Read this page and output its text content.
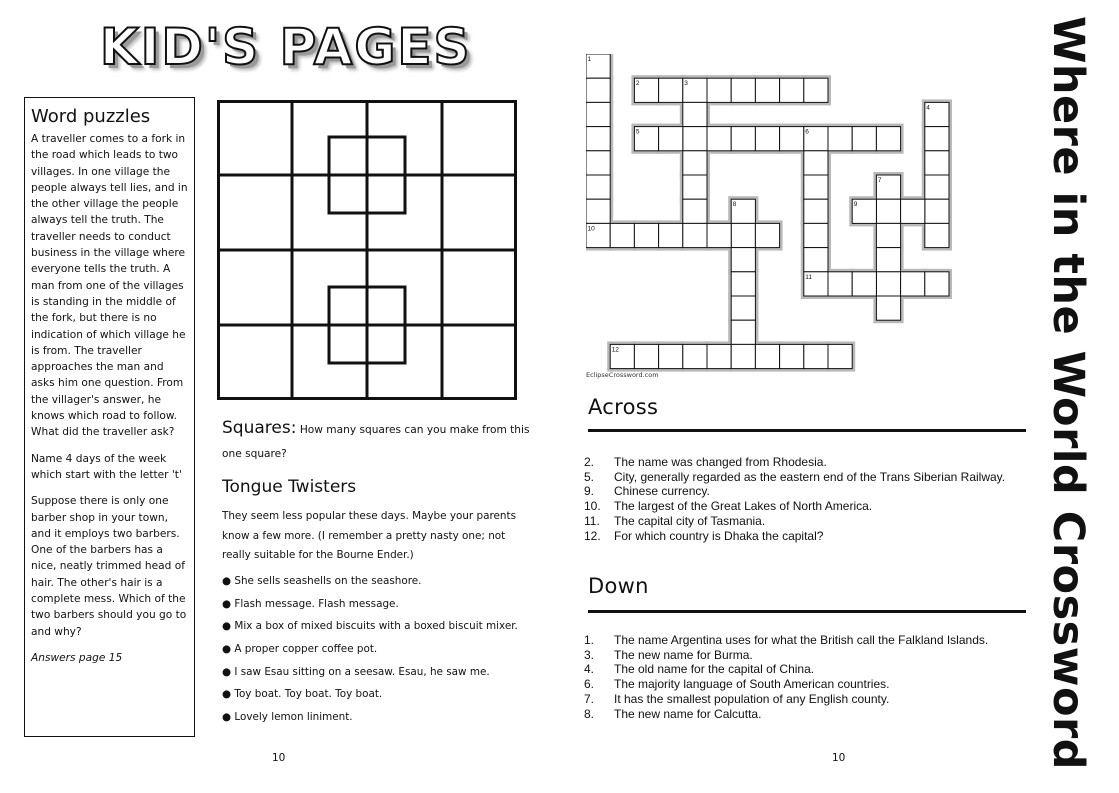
KID'S PAGES
Word puzzles

A traveller comes to a fork in the road which leads to two villages. In one village the people always tell lies, and in the other village the people always tell the truth. The traveller needs to conduct business in the village where everyone tells the truth. A man from one of the villages is standing in the middle of the fork, but there is no indication of which village he is from. The traveller approaches the man and asks him one question. From the villager's answer, he knows which road to follow. What did the traveller ask?

Name 4 days of the week which start with the letter 't'

Suppose there is only one barber shop in your town, and it employs two barbers. One of the barbers has a nice, neatly trimmed head of hair. The other's hair is a complete mess. Which of the two barbers should you go to and why?

Answers page 15

Squares: How many squares can you make from this one square?
Tongue Twisters
They seem less popular these days. Maybe your parents know a few more. (I remember a pretty nasty one; not really suitable for the Bourne Ender.)
● She sells seashells on the seashore.
● Flash message. Flash message.
● Mix a box of mixed biscuits with a boxed biscuit mixer.
● A proper copper coffee pot.
● I saw Esau sitting on a seesaw. Esau, he saw me.
● Toy boat. Toy boat. Toy boat.
● Lovely lemon liniment.
10	10
1
2	3
4
5	6
7
8	9
10
11
12
EclipseCrossword.com
Across
2.	The name was changed from Rhodesia.
5.	City, generally regarded as the eastern end of the Trans Siberian Railway.
9.	Chinese currency.
10.	The largest of the Great Lakes of North America.
11.	The capital city of Tasmania.
12.	For which country is Dhaka the capital?
Down
1.	The name Argentina uses for what the British call the Falkland Islands.
3.	The new name for Burma.
4.	The old name for the capital of China.
6.	The majority language of South American countries.
7.	It has the smallest population of any English county.
8.	The new name for Calcutta.	Where in the World Crossword
